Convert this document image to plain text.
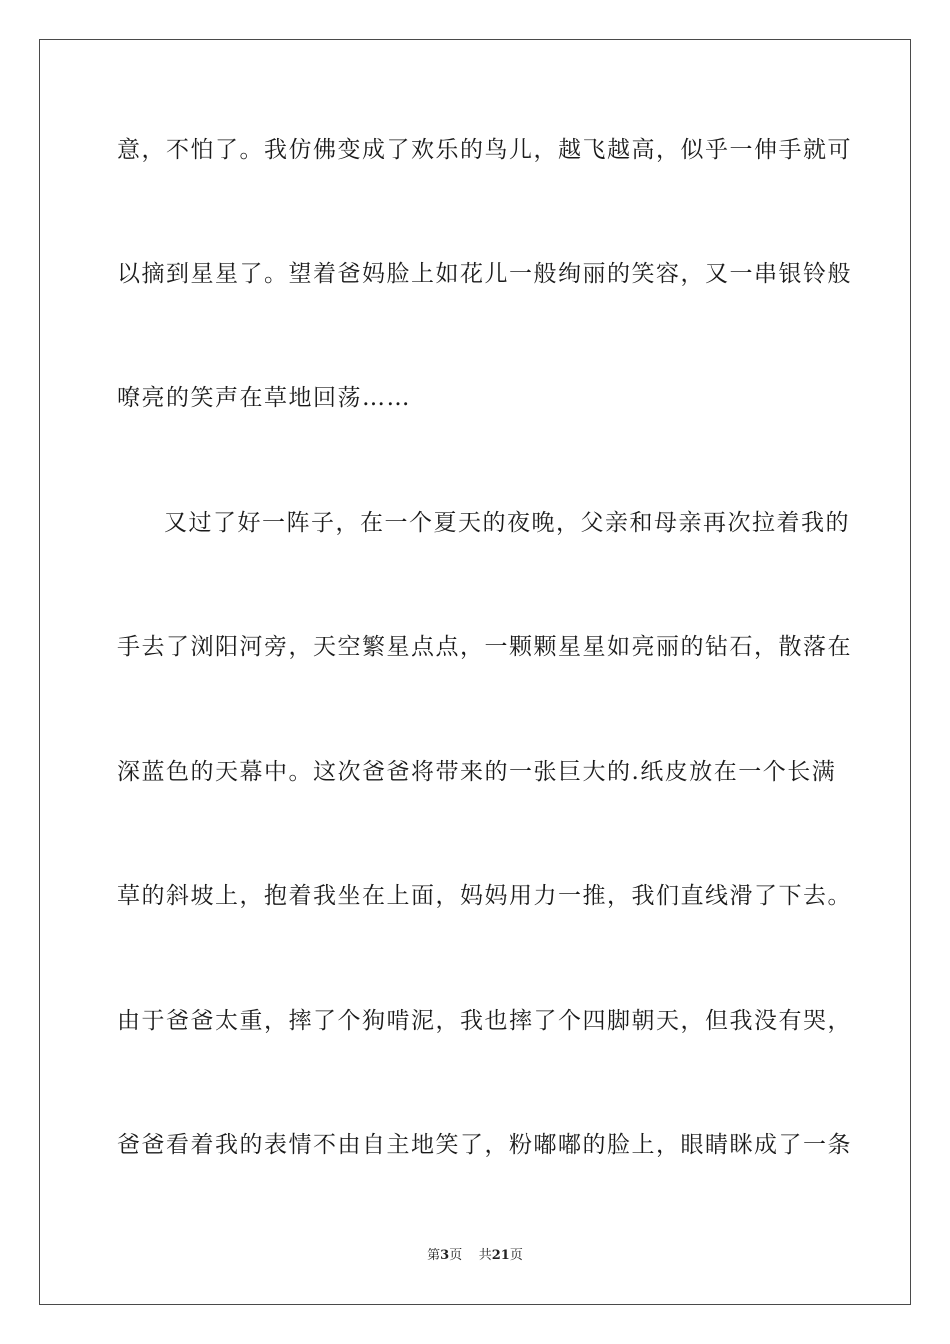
意，不怕了。我仿佛变成了欢乐的鸟儿，越飞越高，似乎一伸手就可
以摘到星星了。望着爸妈脸上如花儿一般绚丽的笑容，又一串银铃般
嘹亮的笑声在草地回荡……
又过了好一阵子，在一个夏天的夜晚，父亲和母亲再次拉着我的
手去了浏阳河旁，天空繁星点点，一颗颗星星如亮丽的钻石，散落在
深蓝色的天幕中。这次爸爸将带来的一张巨大的.纸皮放在一个长满
草的斜坡上，抱着我坐在上面，妈妈用力一推，我们直线滑了下去。
由于爸爸太重，摔了个狗啃泥，我也摔了个四脚朝天，但我没有哭，
爸爸看着我的表情不由自主地笑了，粉嘟嘟的脸上，眼睛眯成了一条
第3页 共21页
